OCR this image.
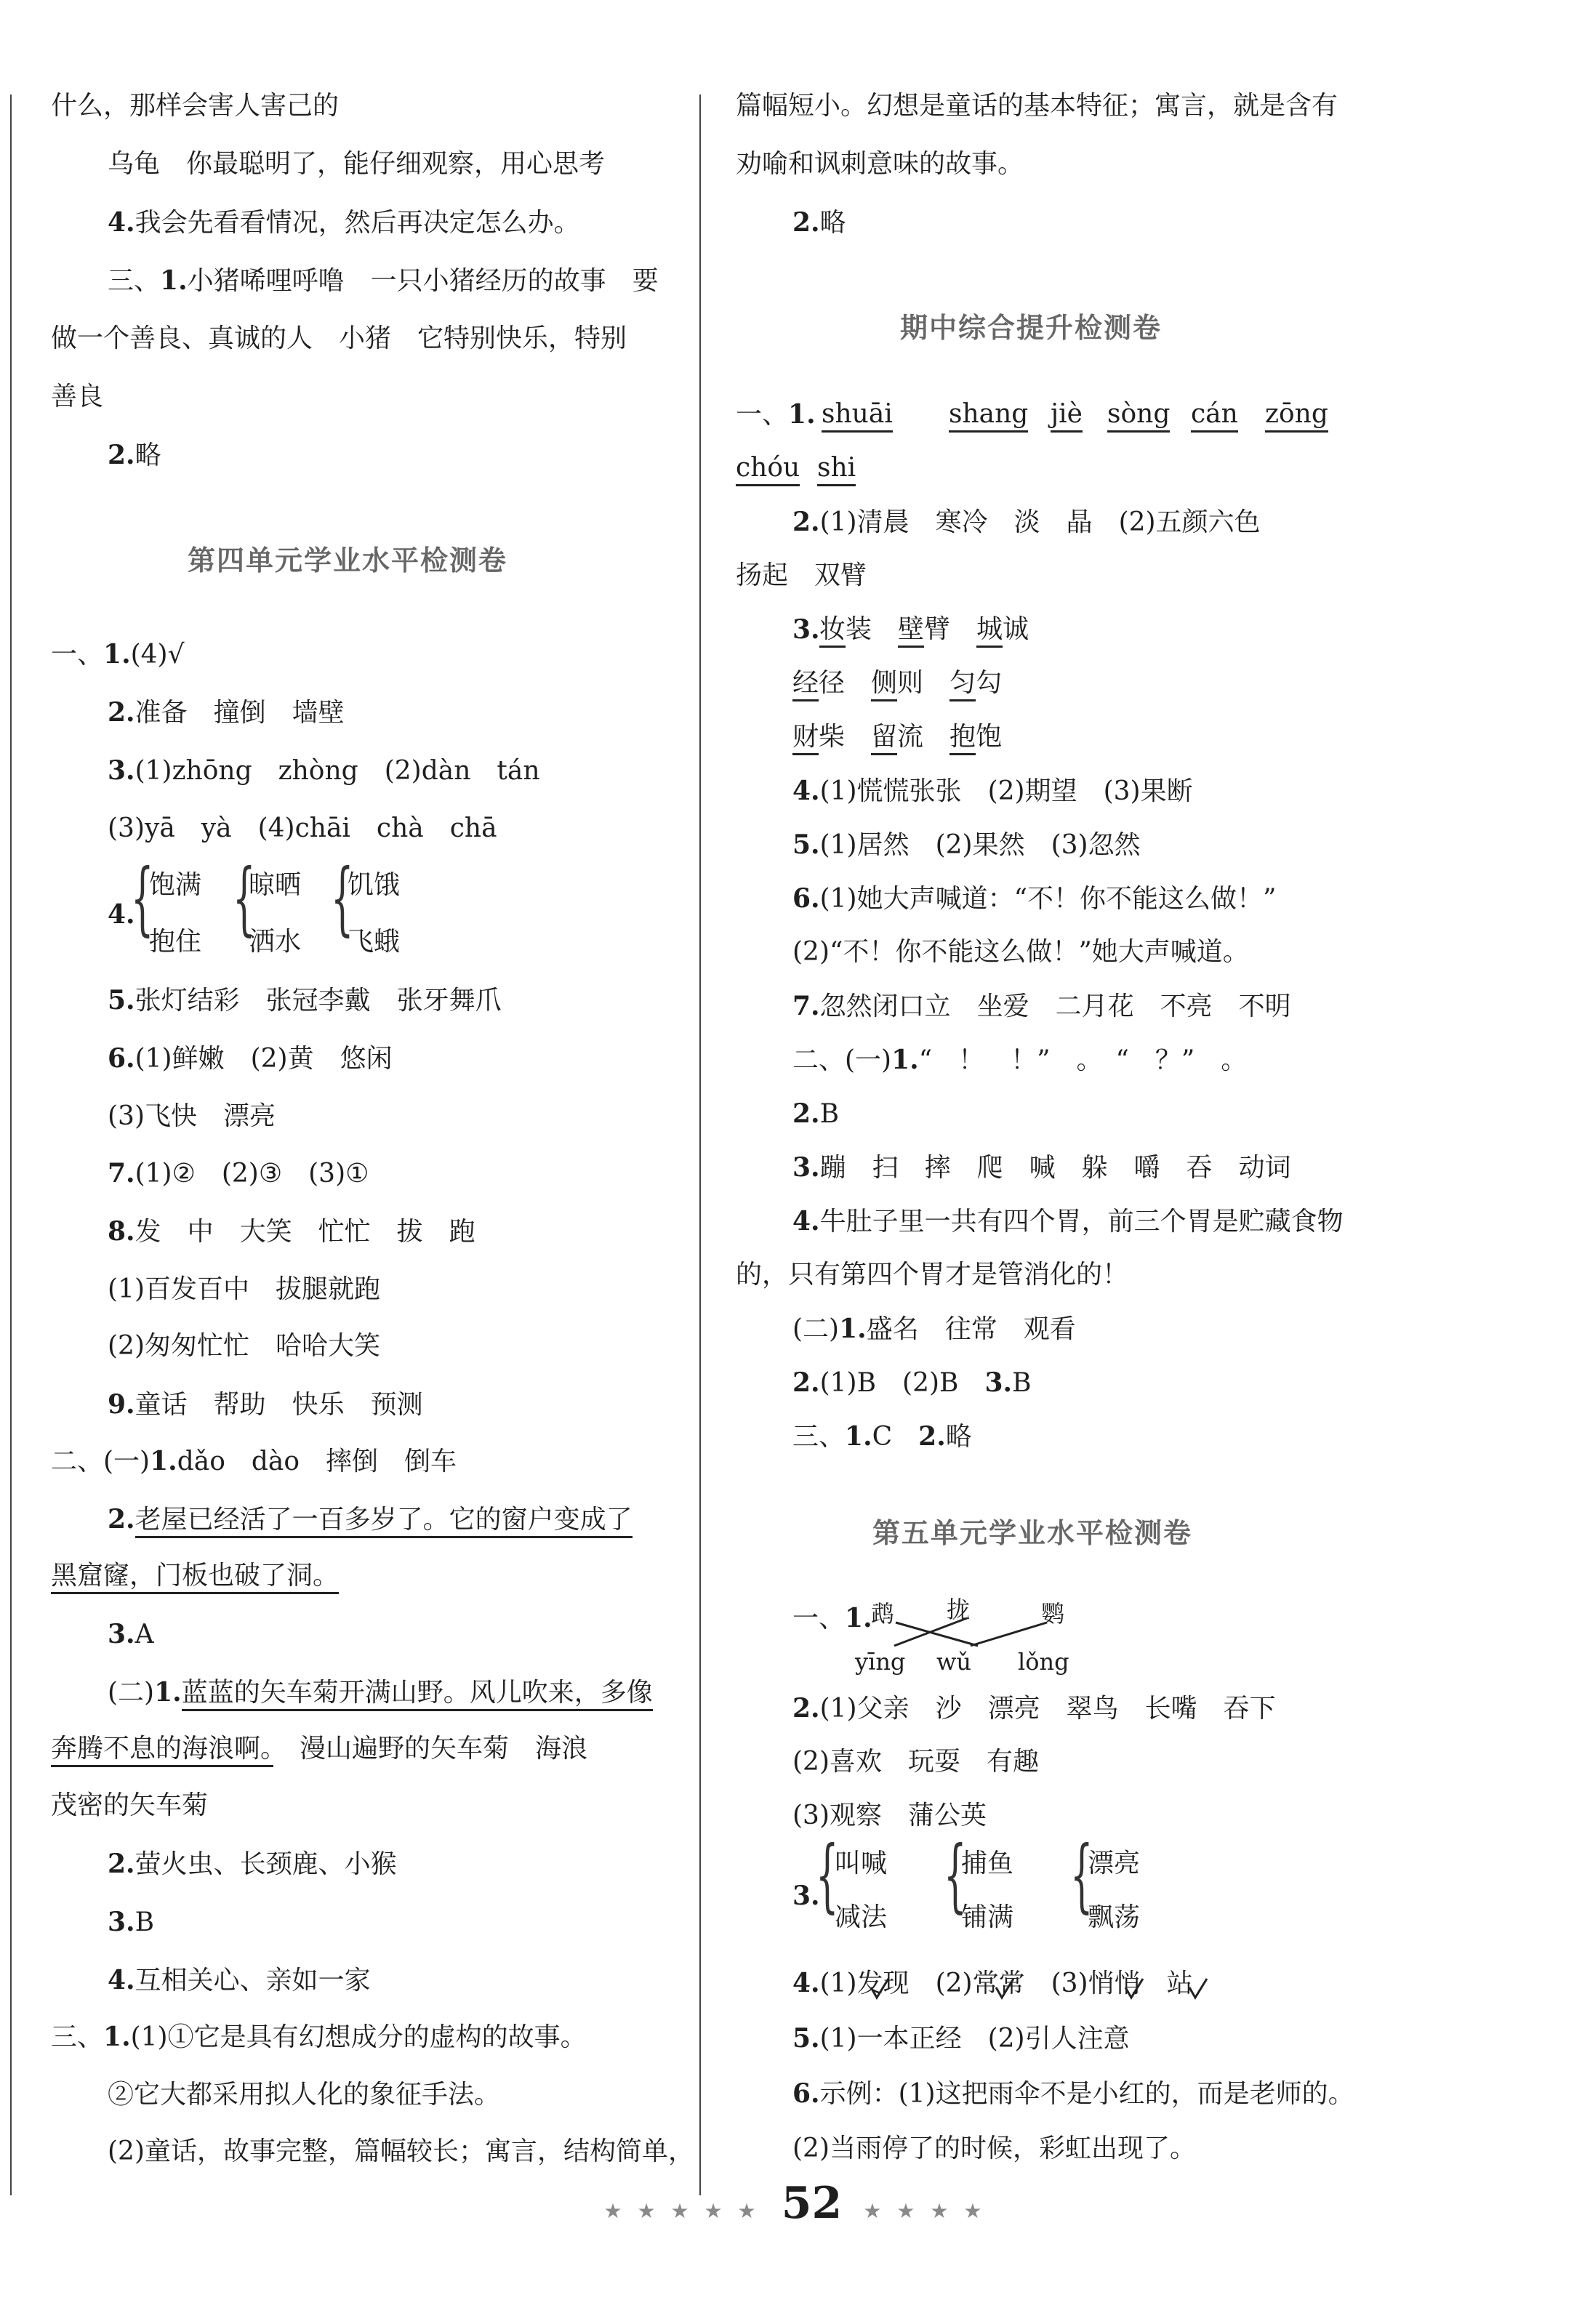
什么，那样会害人害己的
乌龟　你最聪明了，能仔细观察，用心思考
4.我会先看看情况，然后再决定怎么办。
三、1.小猪唏哩呼噜　一只小猪经历的故事　要
做一个善良、真诚的人　小猪　它特别快乐，特别
善良
2.略
第四单元学业水平检测卷
一、1.(4)√
2.准备　撞倒　墙壁
3.(1)zhōng　zhòng　(2)dàn　tán
(3)yā　yà　(4)chāi　chà　chā
4.
{
饱满
抱住 {
晾晒
洒水 {
饥饿
飞蛾
5.张灯结彩　张冠李戴　张牙舞爪
6.(1)鲜嫩　(2)黄　悠闲
(3)飞快　漂亮
7.(1)②　(2)③　(3)①
8.发　中　大笑　忙忙　拔　跑
(1)百发百中　拔腿就跑
(2)匆匆忙忙　哈哈大笑
9.童话　帮助　快乐　预测
二、(一)1.dǎo　dào　摔倒　倒车
2.老屋已经活了一百多岁了。它的窗户变成了
黑窟窿，门板也破了洞。
3.A
(二)1.蓝蓝的矢车菊开满山野。风儿吹来，多像
奔腾不息的海浪啊。　漫山遍野的矢车菊　海浪
茂密的矢车菊
2.萤火虫、长颈鹿、小猴
3.B
4.互相关心、亲如一家
三、1.(1)①它是具有幻想成分的虚构的故事。
②它大都采用拟人化的象征手法。
(2)童话，故事完整，篇幅较长；寓言，结构简单，
篇幅短小。幻想是童话的基本特征；寓言，就是含有
劝喻和讽刺意味的故事。
2.略
期中综合提升检测卷
一、1. shuāi shang jiè sòng cán zōng
chóu shi
2.(1)清晨　寒冷　淡　晶　(2)五颜六色
扬起　双臂
3. 妆装 壁臂 城诚
经径 侧则 匀勾
财柴 留流 抱饱
4.(1)慌慌张张　(2)期望　(3)果断
5.(1)居然　(2)果然　(3)忽然
6.(1)她大声喊道：“不！你不能这么做！”
(2)“不！你不能这么做！”她大声喊道。
7.忽然闭口立　坐爱　二月花　不亮　不明
二、(一)1.“　！　！”　。　“　？”　。
2.B
3.蹦　扫　摔　爬　喊　躲　嚼　吞　动词
4.牛肚子里一共有四个胃，前三个胃是贮藏食物
的，只有第四个胃才是管消化的！
(二)1.盛名　往常　观看
2.(1)B　(2)B　3.B
三、1.C　2.略
第五单元学业水平检测卷
一、1.
鹉 拢	鹦
yīng wǔ lǒng
2.(1)父亲　沙　漂亮　翠鸟　长嘴　吞下
(2)喜欢　玩耍　有趣
(3)观察　蒲公英
3.
{
叫喊
减法 {
捕鱼
铺满 {
漂亮
飘荡
4.(1)发现　(2)常常　(3)悄悄　站
5.(1)一本正经　(2)引人注意
6.示例：(1)这把雨伞不是小红的，而是老师的。
(2)当雨停了的时候，彩虹出现了。
★ ★ ★ ★ ★ 52 ★ ★ ★ ★
